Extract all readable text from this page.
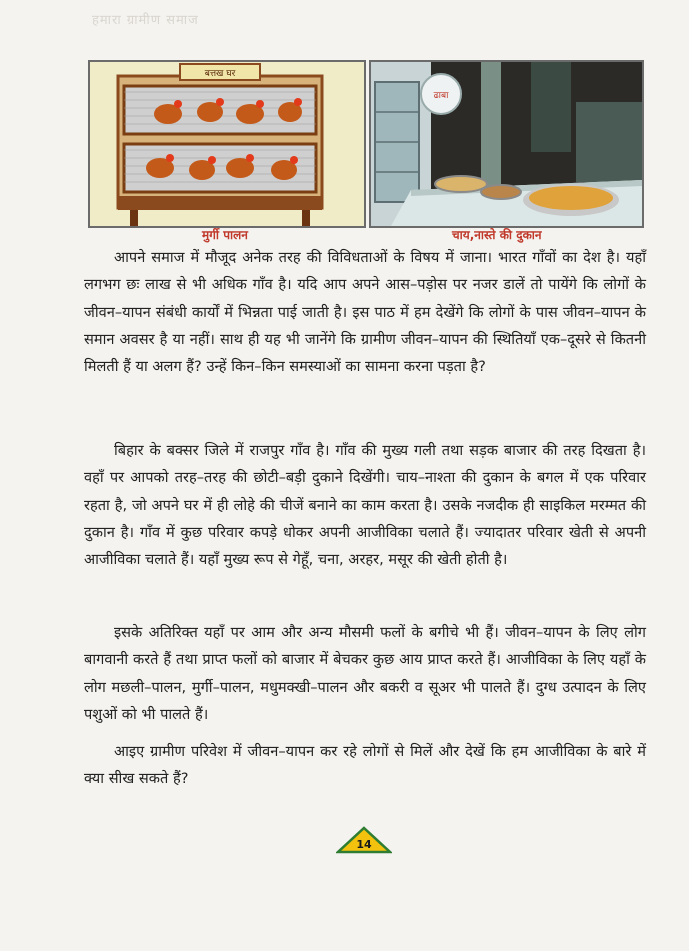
हमारा ग्रामीण समाज
बत्तख घर
मुर्गी पालन
ढाबा
चाय,नास्ते की दुकान

आपने समाज में मौजूद अनेक तरह की विविधताओं के विषय में जाना। भारत गाँवों का देश है। यहाँ लगभग छः लाख से भी अधिक गाँव है। यदि आप अपने आस–पड़ोस पर नजर डालें तो पायेंगे कि लोगों के जीवन–यापन संबंधी कार्यों में भिन्नता पाई जाती है। इस पाठ में हम देखेंगे कि लोगों के पास जीवन–यापन के समान अवसर है या नहीं। साथ ही यह भी जानेंगे कि ग्रामीण जीवन–यापन की स्थितियाँ एक–दूसरे से कितनी मिलती हैं या अलग हैं? उन्हें किन–किन समस्याओं का सामना करना पड़ता है?

बिहार के बक्सर जिले में राजपुर गाँव है। गाँव की मुख्य गली तथा सड़क बाजार की तरह दिखता है। वहाँ पर आपको तरह–तरह की छोटी–बड़ी दुकाने दिखेंगी। चाय–नाश्ता की दुकान के बगल में एक परिवार रहता है, जो अपने घर में ही लोहे की चीजें बनाने का काम करता है। उसके नजदीक ही साइकिल मरम्मत की दुकान है। गाँव में कुछ परिवार कपड़े धोकर अपनी आजीविका चलाते हैं। ज्यादातर परिवार खेती से अपनी आजीविका चलाते हैं। यहाँ मुख्य रूप से गेहूँ, चना, अरहर, मसूर की खेती होती है।

इसके अतिरिक्त यहाँ पर आम और अन्य मौसमी फलों के बगीचे भी हैं। जीवन–यापन के लिए लोग बागवानी करते हैं तथा प्राप्त फलों को बाजार में बेचकर कुछ आय प्राप्त करते हैं। आजीविका के लिए यहाँ के लोग मछली–पालन, मुर्गी–पालन, मधुमक्खी–पालन और बकरी व सूअर भी पालते हैं। दुग्ध उत्पादन के लिए पशुओं को भी पालते हैं।

आइए ग्रामीण परिवेश में जीवन–यापन कर रहे लोगों से मिलें और देखें कि हम आजीविका के बारे में क्या सीख सकते हैं?

14
